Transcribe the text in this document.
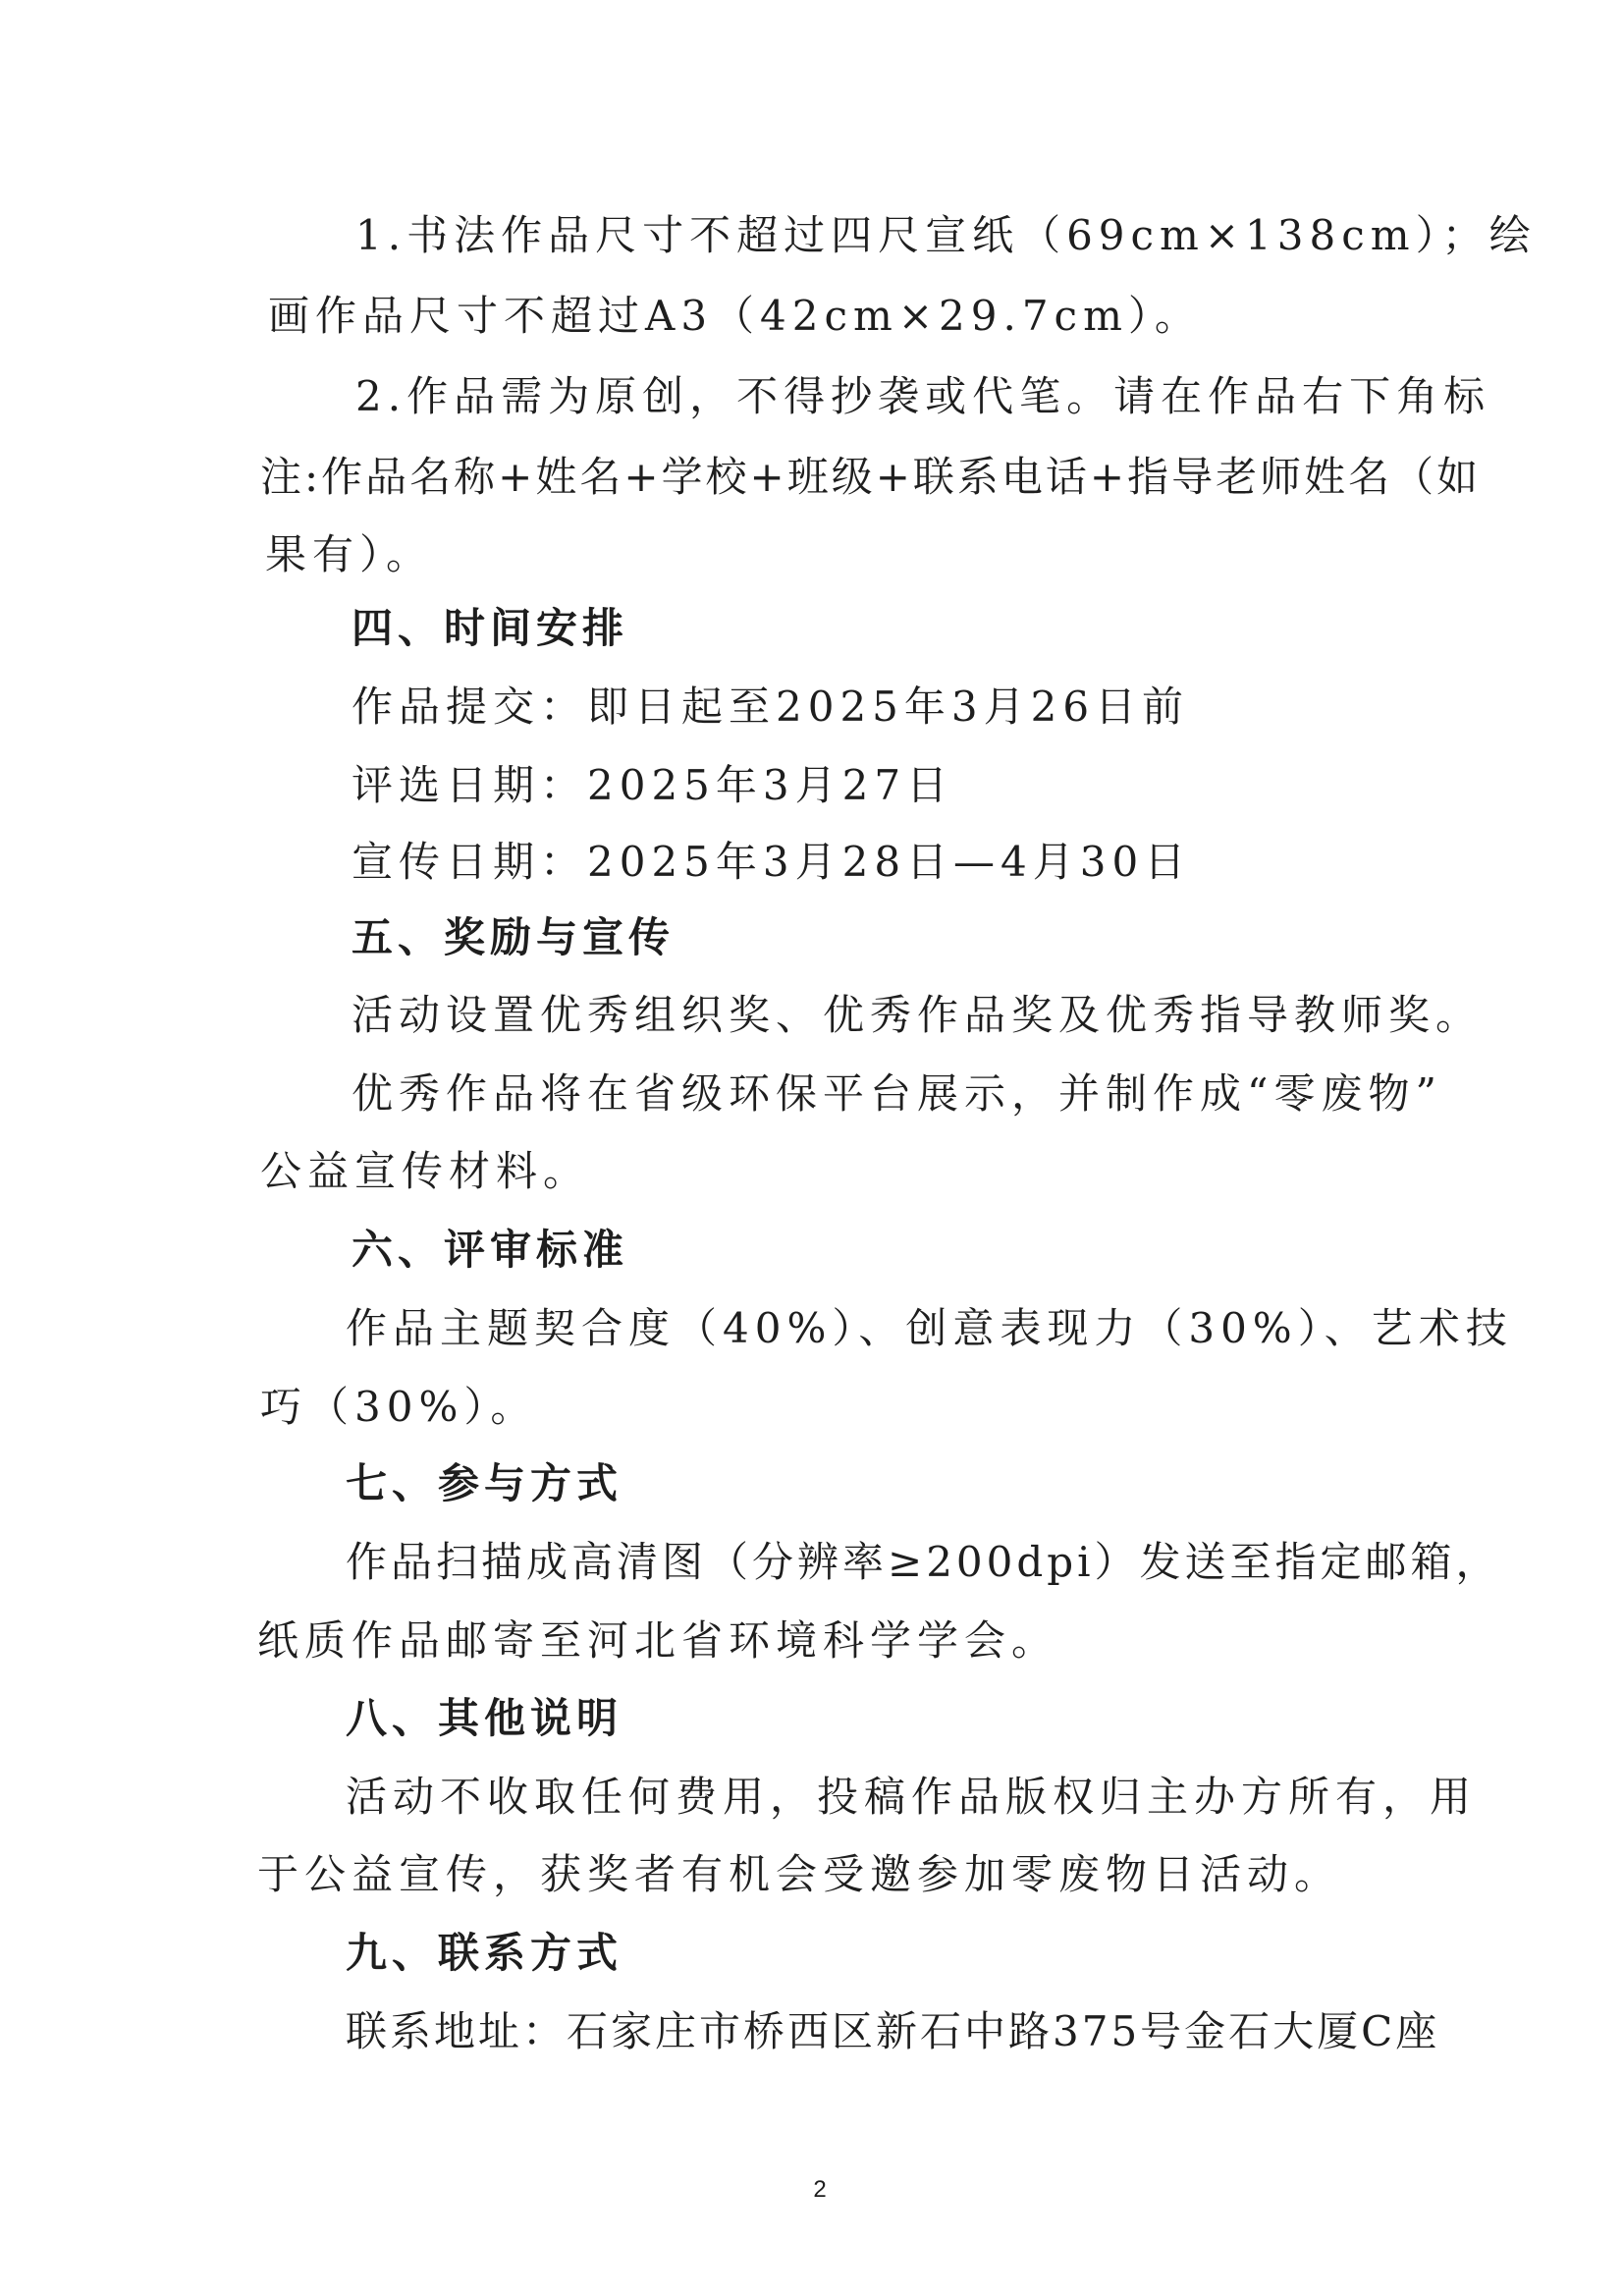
1.书法作品尺寸不超过四尺宣纸（69cm×138cm）；绘
画作品尺寸不超过A3（42cm×29.7cm）。
2.作品需为原创，不得抄袭或代笔。请在作品右下角标
注:作品名称+姓名+学校+班级+联系电话+指导老师姓名（如
果有）。
四、时间安排
作品提交：即日起至2025年3月26日前
评选日期：2025年3月27日
宣传日期：2025年3月28日—4月30日
五、奖励与宣传
活动设置优秀组织奖、优秀作品奖及优秀指导教师奖。
优秀作品将在省级环保平台展示，并制作成“零废物”
公益宣传材料。
六、评审标准
作品主题契合度（40%）、创意表现力（30%）、艺术技
巧（30%）。
七、参与方式
作品扫描成高清图（分辨率≥200dpi）发送至指定邮箱，
纸质作品邮寄至河北省环境科学学会。
八、其他说明
活动不收取任何费用，投稿作品版权归主办方所有，用
于公益宣传，获奖者有机会受邀参加零废物日活动。
九、联系方式
联系地址：石家庄市桥西区新石中路375号金石大厦C座
2
